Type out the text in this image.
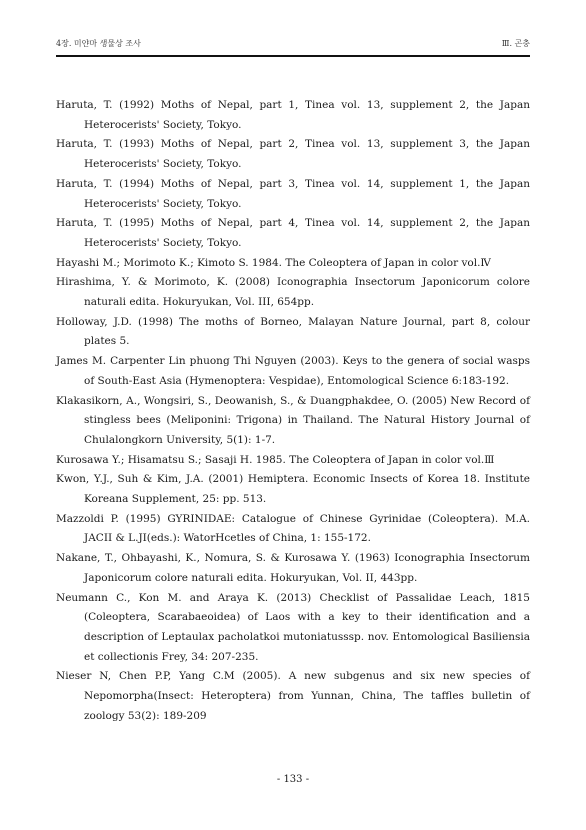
4장. 미얀마 생물상 조사	Ⅲ. 곤충
Haruta, T. (1992) Moths of Nepal, part 1, Tinea vol. 13, supplement 2, the Japan Heterocerists' Society, Tokyo.
Haruta, T. (1993) Moths of Nepal, part 2, Tinea vol. 13, supplement 3, the Japan Heterocerists' Society, Tokyo.
Haruta, T. (1994) Moths of Nepal, part 3, Tinea vol. 14, supplement 1, the Japan Heterocerists' Society, Tokyo.
Haruta, T. (1995) Moths of Nepal, part 4, Tinea vol. 14, supplement 2, the Japan Heterocerists' Society, Tokyo.
Hayashi M.; Morimoto K.; Kimoto S. 1984. The Coleoptera of Japan in color vol.Ⅳ
Hirashima, Y. & Morimoto, K. (2008) Iconographia Insectorum Japonicorum colore naturali edita. Hokuryukan, Vol. III, 654pp.
Holloway, J.D. (1998) The moths of Borneo, Malayan Nature Journal, part 8, colour plates 5.
James M. Carpenter Lin phuong Thi Nguyen (2003). Keys to the genera of social wasps of South-East Asia (Hymenoptera: Vespidae), Entomological Science 6:183-192.
Klakasikorn, A., Wongsiri, S., Deowanish, S., & Duangphakdee, O. (2005) New Record of stingless bees (Meliponini: Trigona) in Thailand. The Natural History Journal of Chulalongkorn University, 5(1): 1-7.
Kurosawa Y.; Hisamatsu S.; Sasaji H. 1985. The Coleoptera of Japan in color vol.Ⅲ
Kwon, Y.J., Suh & Kim, J.A. (2001) Hemiptera. Economic Insects of Korea 18. Institute Koreana Supplement, 25: pp. 513.
Mazzoldi P. (1995) GYRINIDAE: Catalogue of Chinese Gyrinidae (Coleoptera). M.A. JACII & L.JI(eds.): WatorHcetles of China, 1: 155-172.
Nakane, T., Ohbayashi, K., Nomura, S. & Kurosawa Y. (1963) Iconographia Insectorum Japonicorum colore naturali edita. Hokuryukan, Vol. II, 443pp.
Neumann C., Kon M. and Araya K. (2013) Checklist of Passalidae Leach, 1815 (Coleoptera, Scarabaeoidea) of Laos with a key to their identification and a description of Leptaulax pacholatkoi mutoniatusssp. nov. Entomological Basiliensia et collectionis Frey, 34: 207-235.
Nieser N, Chen P.P, Yang C.M (2005). A new subgenus and six new species of Nepomorpha(Insect: Heteroptera) from Yunnan, China, The taffles bulletin of zoology 53(2): 189-209
- 133 -
